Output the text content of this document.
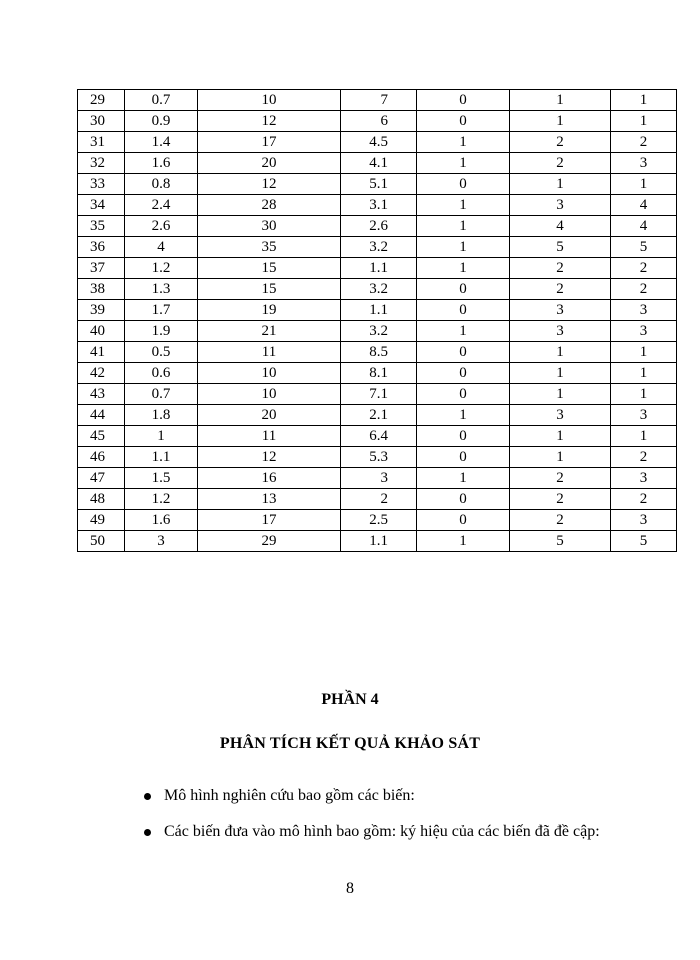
29	0.7	10	7	0	1	1
30	0.9	12	6	0	1	1
31	1.4	17	4.5	1	2	2
32	1.6	20	4.1	1	2	3
33	0.8	12	5.1	0	1	1
34	2.4	28	3.1	1	3	4
35	2.6	30	2.6	1	4	4
36	4	35	3.2	1	5	5
37	1.2	15	1.1	1	2	2
38	1.3	15	3.2	0	2	2
39	1.7	19	1.1	0	3	3
40	1.9	21	3.2	1	3	3
41	0.5	11	8.5	0	1	1
42	0.6	10	8.1	0	1	1
43	0.7	10	7.1	0	1	1
44	1.8	20	2.1	1	3	3
45	1	11	6.4	0	1	1
46	1.1	12	5.3	0	1	2
47	1.5	16	3	1	2	3
48	1.2	13	2	0	2	2
49	1.6	17	2.5	0	2	3
50	3	29	1.1	1	5	5
PHẦN 4
PHÂN TÍCH KẾT QUẢ KHẢO SÁT
Mô hình nghiên cứu bao gồm các biến:
Các biến đưa vào mô hình bao gồm: ký hiệu của các biến đã đề cập:
8
